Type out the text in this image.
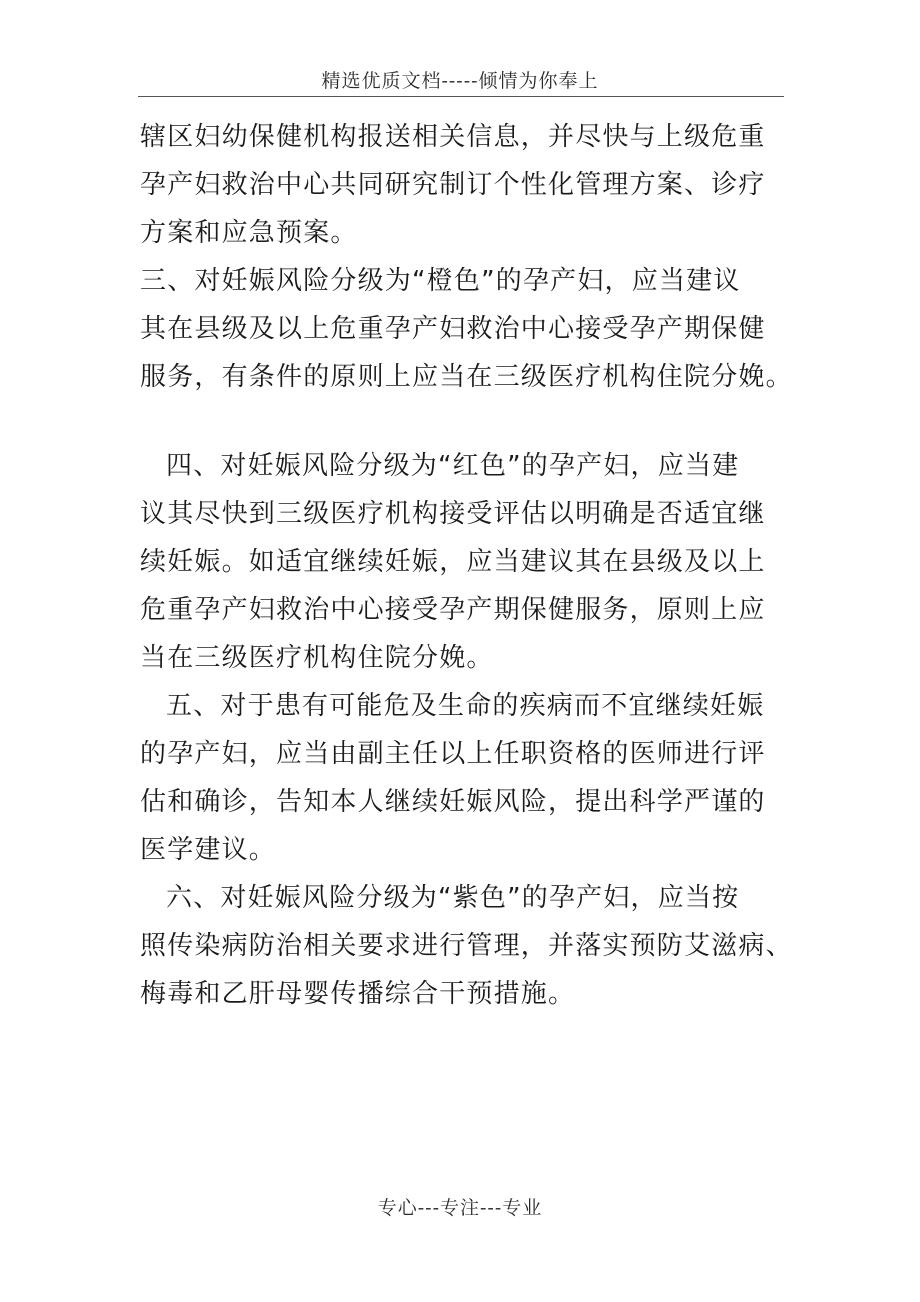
精选优质文档-----倾情为你奉上
辖区妇幼保健机构报送相关信息，并尽快与上级危重
孕产妇救治中心共同研究制订个性化管理方案、诊疗
方案和应急预案。
三、对妊娠风险分级为“橙色”的孕产妇，应当建议
其在县级及以上危重孕产妇救治中心接受孕产期保健
服务，有条件的原则上应当在三级医疗机构住院分娩。
四、对妊娠风险分级为“红色”的孕产妇，应当建
议其尽快到三级医疗机构接受评估以明确是否适宜继
续妊娠。如适宜继续妊娠，应当建议其在县级及以上
危重孕产妇救治中心接受孕产期保健服务，原则上应
当在三级医疗机构住院分娩。
五、对于患有可能危及生命的疾病而不宜继续妊娠
的孕产妇，应当由副主任以上任职资格的医师进行评
估和确诊，告知本人继续妊娠风险，提出科学严谨的
医学建议。
六、对妊娠风险分级为“紫色”的孕产妇，应当按
照传染病防治相关要求进行管理，并落实预防艾滋病、
梅毒和乙肝母婴传播综合干预措施。
专心---专注---专业
